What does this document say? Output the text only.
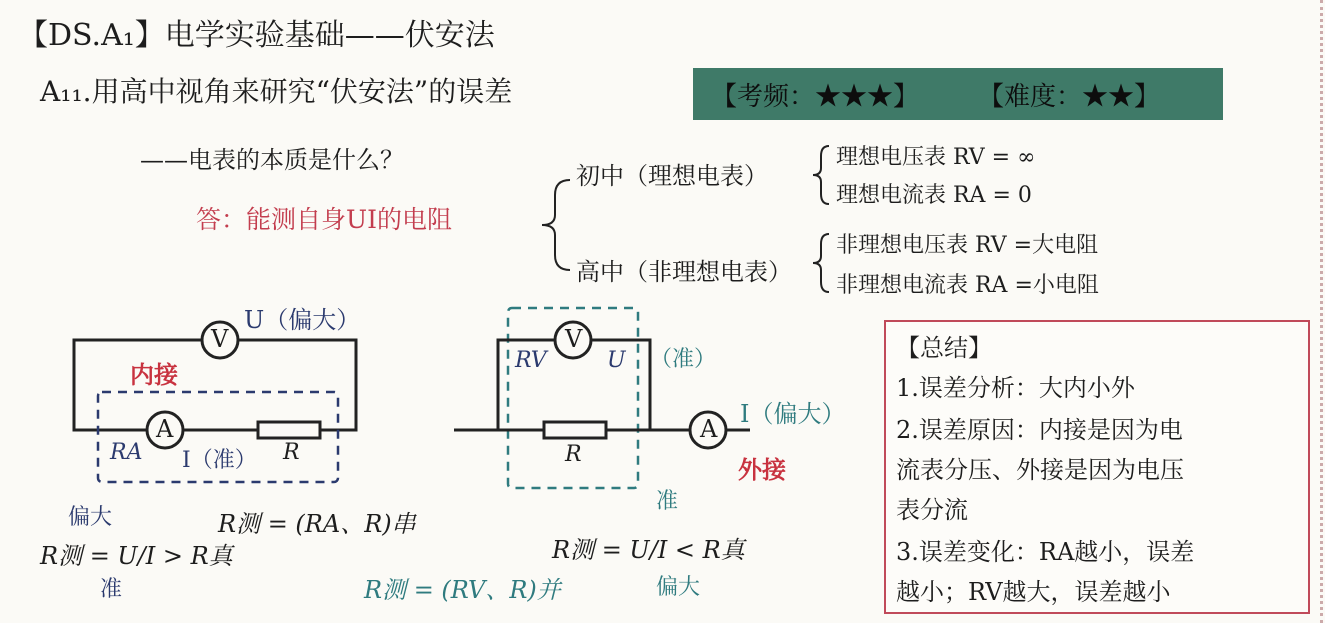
【DS.A₁】电学实验基础——伏安法
A₁₁.用高中视角来研究“伏安法”的误差	【考频：★★★】 【难度：★★】
——电表的本质是什么？
答：能测自身UI的电阻
初中（理想电表）
理想电压表 RV = ∞
理想电流表 RA = 0
高中（非理想电表）
非理想电压表 RV =大电阻
非理想电流表 RA =小电阻
V
A
U（偏大）
内接
RA I（准） R
偏大
R测 = U/I > R真
准
R测 = (RA、R)串
V
A
RV	U （准）
I（偏大）
R
外接
准
R测 = U/I < R真
偏大
R测 = (RV、R)并
【总结】
1.误差分析：大内小外
2.误差原因：内接是因为电
流表分压、外接是因为电压
表分流
3.误差变化：RA越小，误差
越小；RV越大，误差越小
